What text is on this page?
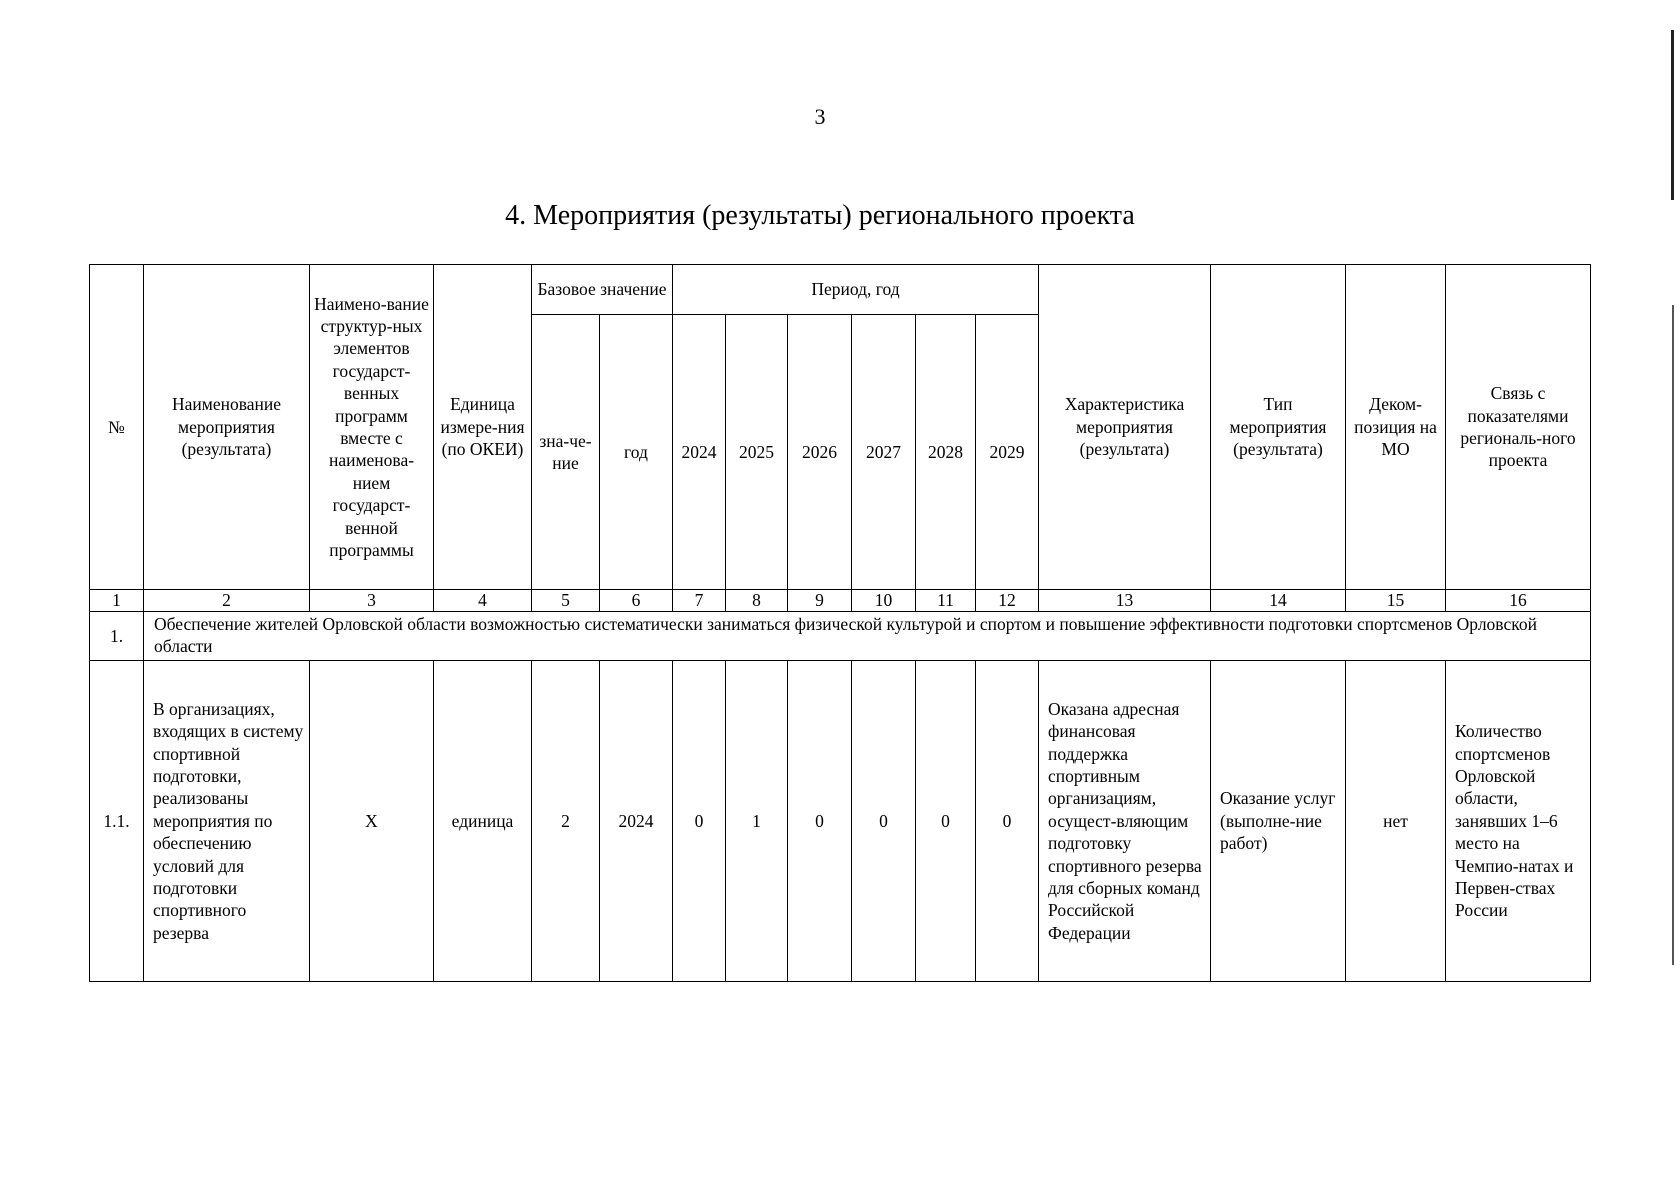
3
4. Мероприятия (результаты) регионального проекта
№	Наименование мероприятия (результата)	Наимено-вание структур-ных элементов государст-венных программ вместе с наименова-нием государст-венной программы	Единица измере-ния (по ОКЕИ)	Базовое значение		Период, год						Характеристика мероприятия (результата)	Тип мероприятия (результата)	Деком-позиция на МО	Связь с показателями региональ-ного проекта
				зна-че-ние	год	2024	2025	2026	2027	2028	2029				
1	2	3	4	5	6	7	8	9	10	11	12	13	14	15	16
1.	Обеспечение жителей Орловской области возможностью систематически заниматься физической культурой и спортом и повышение эффективности подготовки спортсменов Орловской области														
1.1.	В организациях, входящих в систему спортивной подготовки, реализованы мероприятия по обеспечению условий для подготовки спортивного резерва	Х	единица	2	2024	0	1	0	0	0	0	Оказана адресная финансовая поддержка спортивным организациям, осущест-вляющим подготовку спортивного резерва для сборных команд Российской Федерации	Оказание услуг (выполне-ние работ)	нет	Количество спортсменов Орловской области, занявших 1–6 место на Чемпио-натах и Первен-ствах России
